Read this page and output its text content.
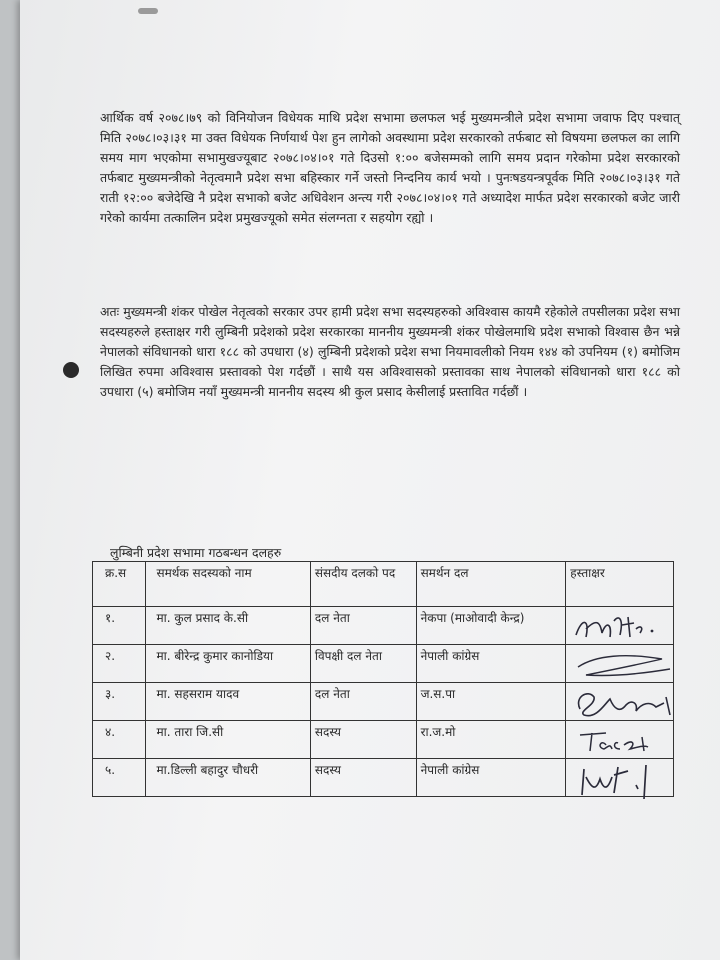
आर्थिक वर्ष २०७८।७९ को विनियोजन विधेयक माथि प्रदेश सभामा छलफल भई मुख्यमन्त्रीले प्रदेश सभामा जवाफ दिए पश्चात् मिति २०७८।०३।३१ मा उक्त विधेयक निर्णयार्थ पेश हुन लागेको अवस्थामा प्रदेश सरकारको तर्फबाट सो विषयमा छलफल का लागि समय माग भएकोमा सभामुखज्यूबाट २०७८।०४।०१ गते दिउसो १:०० बजेसम्मको लागि समय प्रदान गरेकोमा प्रदेश सरकारको तर्फबाट मुख्यमन्त्रीको नेतृत्वमानै प्रदेश सभा बहिस्कार गर्ने जस्तो निन्दनिय कार्य भयो । पुनःषडयन्त्रपूर्वक मिति २०७८।०३।३१ गते राती १२:०० बजेदेखि नै प्रदेश सभाको बजेट अधिवेशन अन्त्य गरी २०७८।०४।०१ गते अध्यादेश मार्फत प्रदेश सरकारको बजेट जारी गरेको कार्यमा तत्कालिन प्रदेश प्रमुखज्यूको समेत संलग्नता र सहयोग रह्यो ।
अतः मुख्यमन्त्री शंकर पोखेल नेतृत्वको सरकार उपर हामी प्रदेश सभा सदस्यहरुको अविश्वास कायमै रहेकोले तपसीलका प्रदेश सभा सदस्यहरुले हस्ताक्षर गरी लुम्बिनी प्रदेशको प्रदेश सरकारका माननीय मुख्यमन्त्री शंकर पोखेलमाथि प्रदेश सभाको विश्वास छैन भन्ने नेपालको संविधानको धारा १८८ को उपधारा (४) लुम्बिनी प्रदेशको प्रदेश सभा नियमावलीको नियम १४४ को उपनियम (१) बमोजिम लिखित रुपमा अविश्वास प्रस्तावको पेश गर्दछौं । साथै यस अविश्वासको प्रस्तावका साथ नेपालको संविधानको धारा १८८ को उपधारा (५) बमोजिम नयाँ मुख्यमन्त्री माननीय सदस्य श्री कुल प्रसाद केसीलाई प्रस्तावित गर्दछौं ।
लुम्बिनी प्रदेश सभामा गठबन्धन दलहरु
क्र.स	समर्थक सदस्यको नाम	संसदीय दलको पद	समर्थन दल	हस्ताक्षर
१.	मा. कुल प्रसाद के.सी	दल नेता	नेकपा (माओवादी केन्द्र)	

२.	मा. बीरेन्द्र कुमार कानोडिया	विपक्षी दल नेता	नेपाली कांग्रेस	

३.	मा. सहसराम यादव	दल नेता	ज.स.पा	

४.	मा. तारा जि.सी	सदस्य	रा.ज.मो	

५.	मा.डिल्ली बहादुर चौधरी	सदस्य	नेपाली कांग्रेस	
